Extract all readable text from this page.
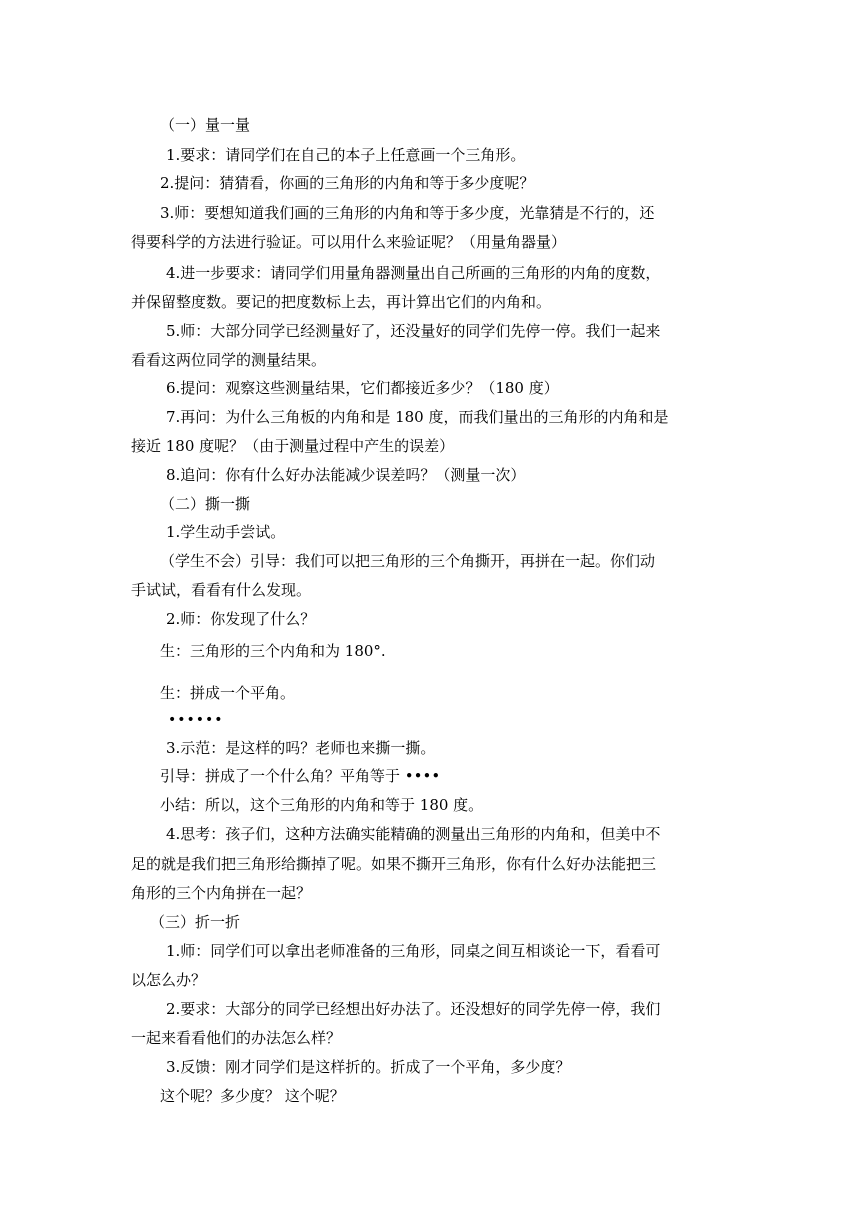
（一）量一量
1.要求：请同学们在自己的本子上任意画一个三角形。
2.提问：猜猜看，你画的三角形的内角和等于多少度呢？
3.师：要想知道我们画的三角形的内角和等于多少度，光靠猜是不行的，还
得要科学的方法进行验证。可以用什么来验证呢？（用量角器量）
4.进一步要求：请同学们用量角器测量出自己所画的三角形的内角的度数，
并保留整度数。要记的把度数标上去，再计算出它们的内角和。
5.师：大部分同学已经测量好了，还没量好的同学们先停一停。我们一起来
看看这两位同学的测量结果。
6.提问：观察这些测量结果，它们都接近多少？（180 度）
7.再问：为什么三角板的内角和是 180 度，而我们量出的三角形的内角和是
接近 180 度呢？（由于测量过程中产生的误差）
8.追问：你有什么好办法能减少误差吗？（测量一次）
（二）撕一撕
1.学生动手尝试。
（学生不会）引导：我们可以把三角形的三个角撕开，再拼在一起。你们动
手试试，看看有什么发现。
2.师：你发现了什么？
生：三角形的三个内角和为 180°.
生：拼成一个平角。
••••••
3.示范：是这样的吗？老师也来撕一撕。
引导：拼成了一个什么角？平角等于 ••••
小结：所以，这个三角形的内角和等于 180 度。
4.思考：孩子们，这种方法确实能精确的测量出三角形的内角和，但美中不
足的就是我们把三角形给撕掉了呢。如果不撕开三角形，你有什么好办法能把三
角形的三个内角拼在一起？
（三）折一折
1.师：同学们可以拿出老师准备的三角形，同桌之间互相谈论一下，看看可
以怎么办？
2.要求：大部分的同学已经想出好办法了。还没想好的同学先停一停，我们
一起来看看他们的办法怎么样？
3.反馈：刚才同学们是这样折的。折成了一个平角，多少度？
这个呢？多少度？ 这个呢？
